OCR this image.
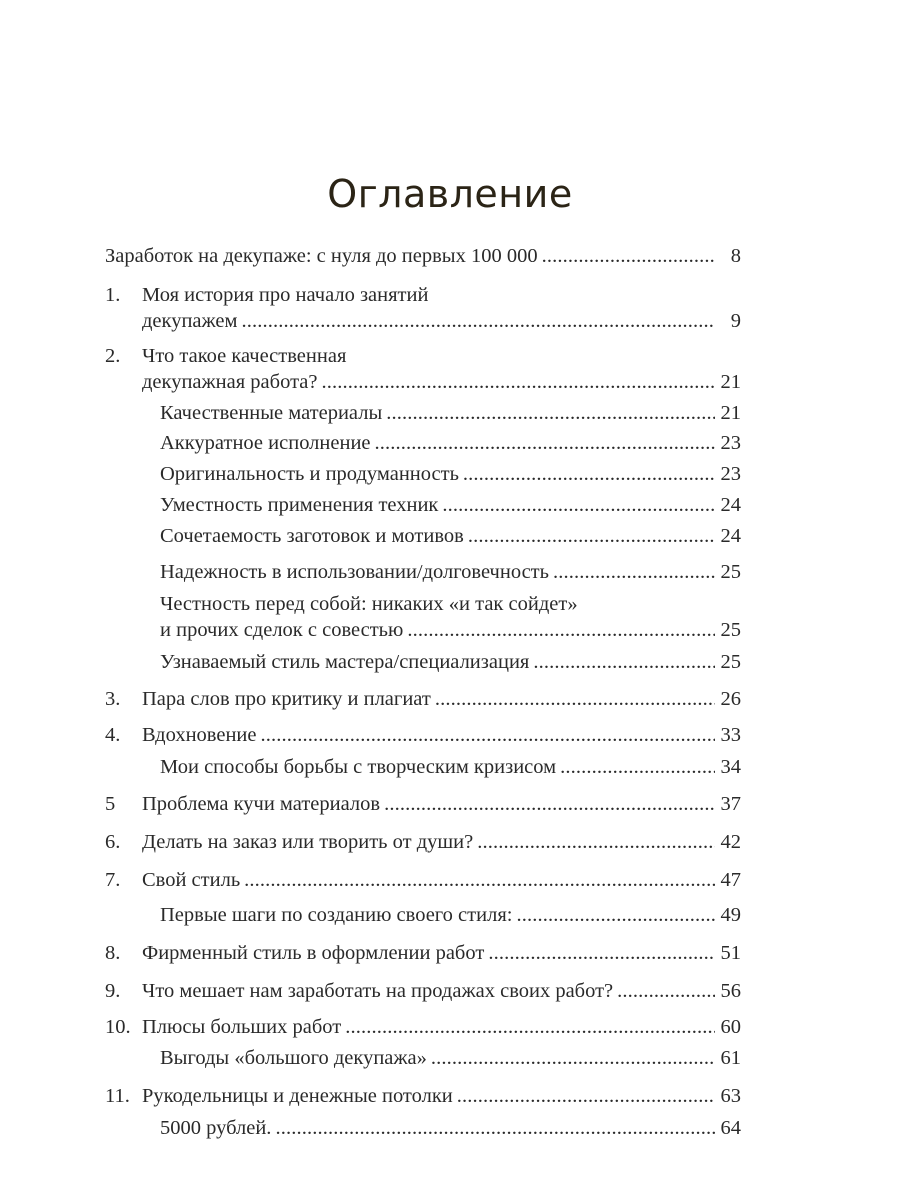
Оглавление
Заработок на декупаже: с нуля до первых 100 000 . . .	8
1. Моя история про начало занятий
декупажем . . .	9
2. Что такое качественная
декупажная работа? . . .	21
Качественные материалы . . .	21
Аккуратное исполнение . . .	23
Оригинальность и продуманность . . .	23
Уместность применения техник . . .	24
Сочетаемость заготовок и мотивов . . .	24
Надежность в использовании/долговечность . . .	25
Честность перед собой: никаких «и так сойдет»
и прочих сделок с совестью . . .	25
Узнаваемый стиль мастера/специализация . . .	25
3. Пара слов про критику и плагиат . . .	26
4. Вдохновение . . .	33
Мои способы борьбы с творческим кризисом . . .	34
5 Проблема кучи материалов . . .	37
6. Делать на заказ или творить от души? . . .	42
7. Свой стиль . . .	47
Первые шаги по созданию своего стиля: . . .	49
8. Фирменный стиль в оформлении работ . . .	51
9. Что мешает нам заработать на продажах своих работ? . . .	56
10. Плюсы больших работ . . .	60
Выгоды «большого декупажа» . . .	61
11. Рукодельницы и денежные потолки . . .	63
5000 рублей. . . .	64
